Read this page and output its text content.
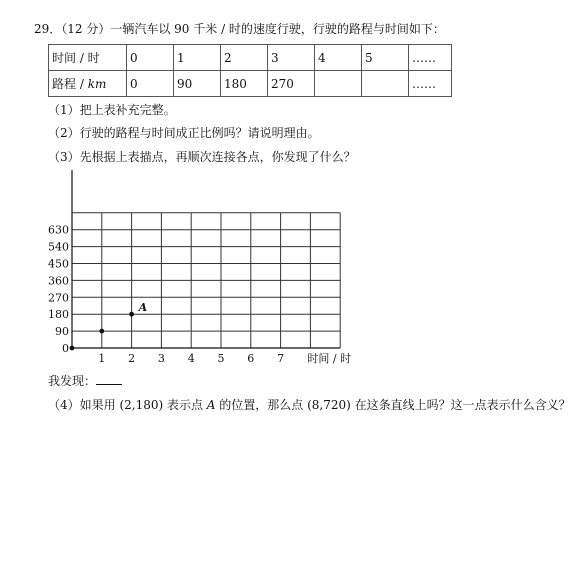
29．（12 分）一辆汽车以 90 千米 / 时的速度行驶，行驶的路程与时间如下：
时间 / 时	0	1	2	3	4	5	……
路程 / km	0	90	180	270			……
（1）把上表补充完整。
（2）行驶的路程与时间成正比例吗？请说明理由。
（3）先根据上表描点，再顺次连接各点，你发现了什么？
1 2 3 4 5 6 7
90
180
270
360
450
540
630
0
时间 / 时
A
我发现：
（4）如果用 (2,180) 表示点 A 的位置，那么点 (8,720) 在这条直线上吗？这一点表示什么含义？
